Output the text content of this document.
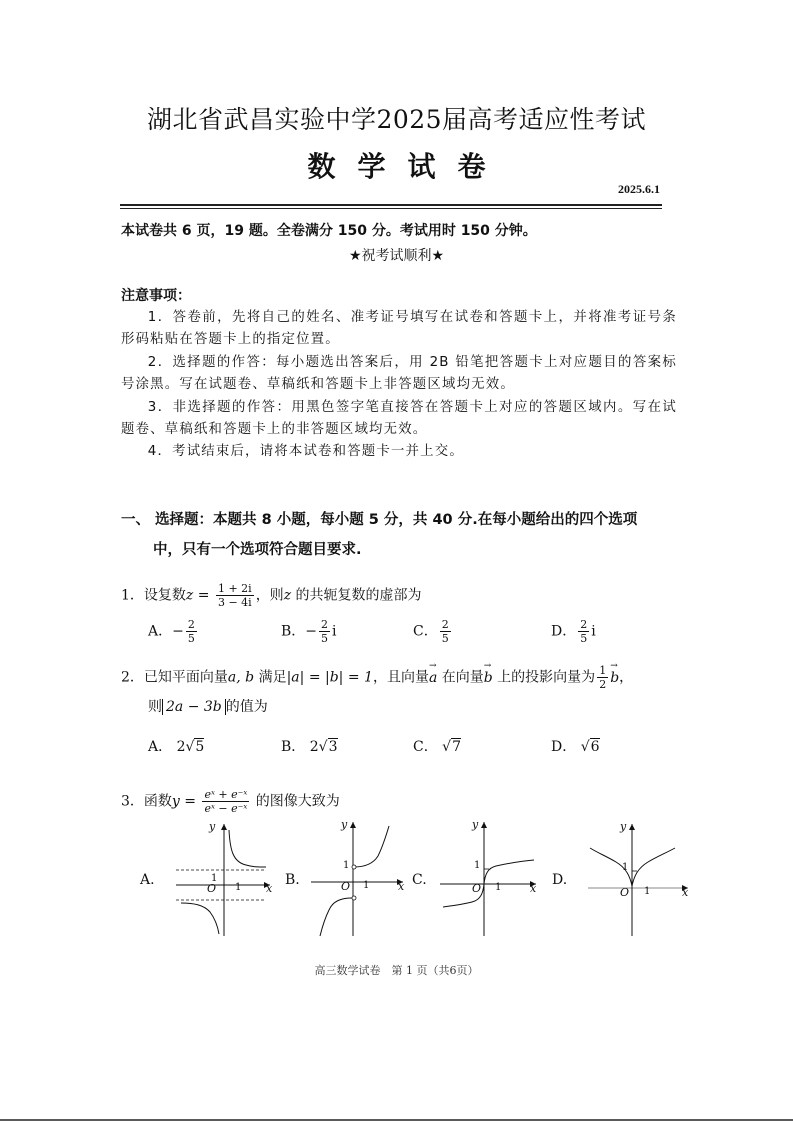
湖北省武昌实验中学2025届高考适应性考试
数学试卷
2025.6.1
本试卷共 6 页，19 题。全卷满分 150 分。考试用时 150 分钟。
★祝考试顺利★
注意事项：

1．答卷前，先将自己的姓名、准考证号填写在试卷和答题卡上，并将准考证号条形码粘贴在答题卡上的指定位置。

2．选择题的作答：每小题选出答案后，用 2B 铅笔把答题卡上对应题目的答案标号涂黑。写在试题卷、草稿纸和答题卡上非答题区域均无效。

3．非选择题的作答：用黑色签字笔直接答在答题卡上对应的答题区域内。写在试题卷、草稿纸和答题卡上的非答题区域均无效。

4．考试结束后，请将本试卷和答题卡一并上交。

一、 选择题：本题共 8 小题，每小题 5 分，共 40 分.在每小题给出的四个选项
中，只有一个选项符合题目要求.
1．设复数$z = \frac{1 + 2i}{3 - 4i}$ ，则z 的共轭复数的虚部为
A．− $\frac{2}{5}$	B．− $\frac{2}{5}$ i	C． $\frac{2}{5}$	D． $\frac{2}{5}$ i
2．已知平面向量a, b 满足|a| = |b| = 1，且向量→ a 在向量→ b 上的投影向量为 $\frac{1}{2} \to b$，
则 2a − 3b 的值为
A． 2√5	B． 2√3	C． √7	D． √6
3．函数$y = \frac{\text{eˣ + e⁻ˣ}}{\text{eˣ − e⁻ˣ}}$ 的图像大致为
A.	1
O 1 x
y
B.
1
O 1	x
y
C.
1
O 1	x
y
D.
1
O 1	x
y
高三数学试卷　第 1 页（共6页）
